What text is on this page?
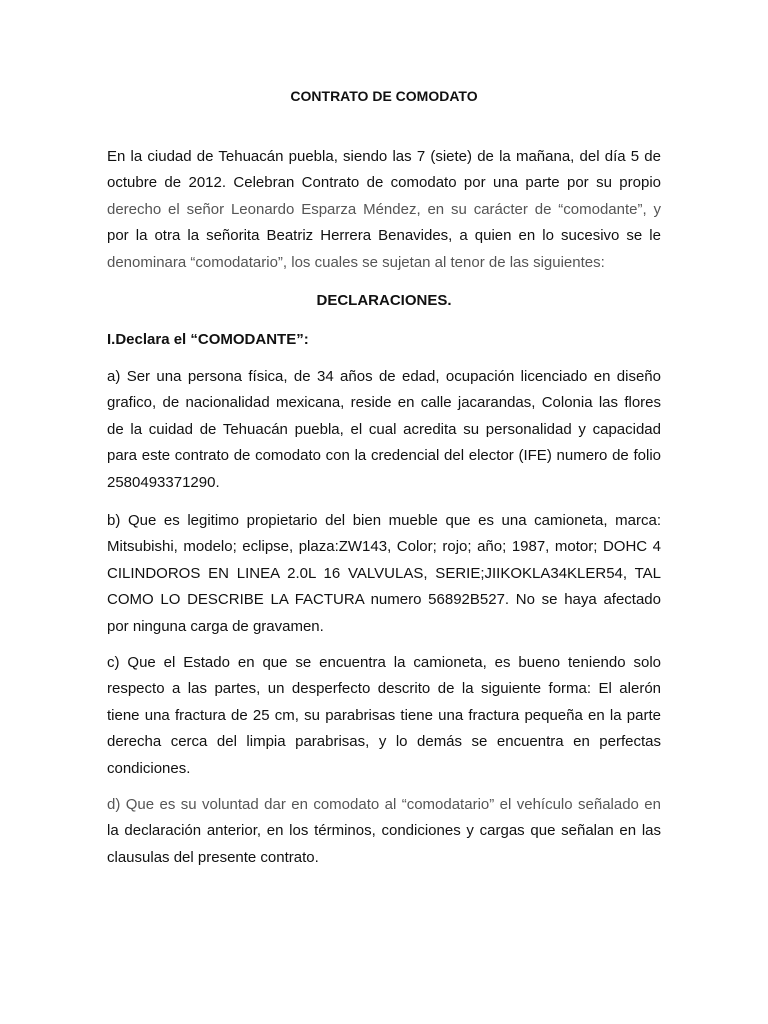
CONTRATO DE COMODATO
En la ciudad de Tehuacán puebla, siendo las 7 (siete) de la mañana, del día 5 de
octubre de 2012. Celebran Contrato de comodato por una parte por su propio
derecho el señor Leonardo Esparza Méndez, en su carácter de “comodante”, y
por la otra la señorita Beatriz Herrera Benavides, a quien en lo sucesivo se le
denominara “comodatario”, los cuales se sujetan al tenor de las siguientes:
DECLARACIONES.
I.Declara el “COMODANTE”:
a) Ser una persona física, de 34 años de edad, ocupación licenciado en diseño
grafico, de nacionalidad mexicana, reside en calle jacarandas, Colonia las flores
de la cuidad de Tehuacán puebla, el cual acredita su personalidad y capacidad
para este contrato de comodato con la credencial del elector (IFE) numero de folio
2580493371290.
b) Que es legitimo propietario del bien mueble que es una camioneta, marca:
Mitsubishi, modelo; eclipse, plaza:ZW143, Color; rojo; año; 1987, motor; DOHC 4
CILINDOROS EN LINEA 2.0L 16 VALVULAS, SERIE;JIIKOKLA34KLER54, TAL
COMO LO DESCRIBE LA FACTURA numero 56892B527. No se haya afectado
por ninguna carga de gravamen.
c) Que el Estado en que se encuentra la camioneta, es bueno teniendo solo
respecto a las partes, un desperfecto descrito de la siguiente forma: El alerón
tiene una fractura de 25 cm, su parabrisas tiene una fractura pequeña en la parte
derecha cerca del limpia parabrisas, y lo demás se encuentra en perfectas
condiciones.
d) Que es su voluntad dar en comodato al “comodatario” el vehículo señalado en
la declaración anterior, en los términos, condiciones y cargas que señalan en las
clausulas del presente contrato.
